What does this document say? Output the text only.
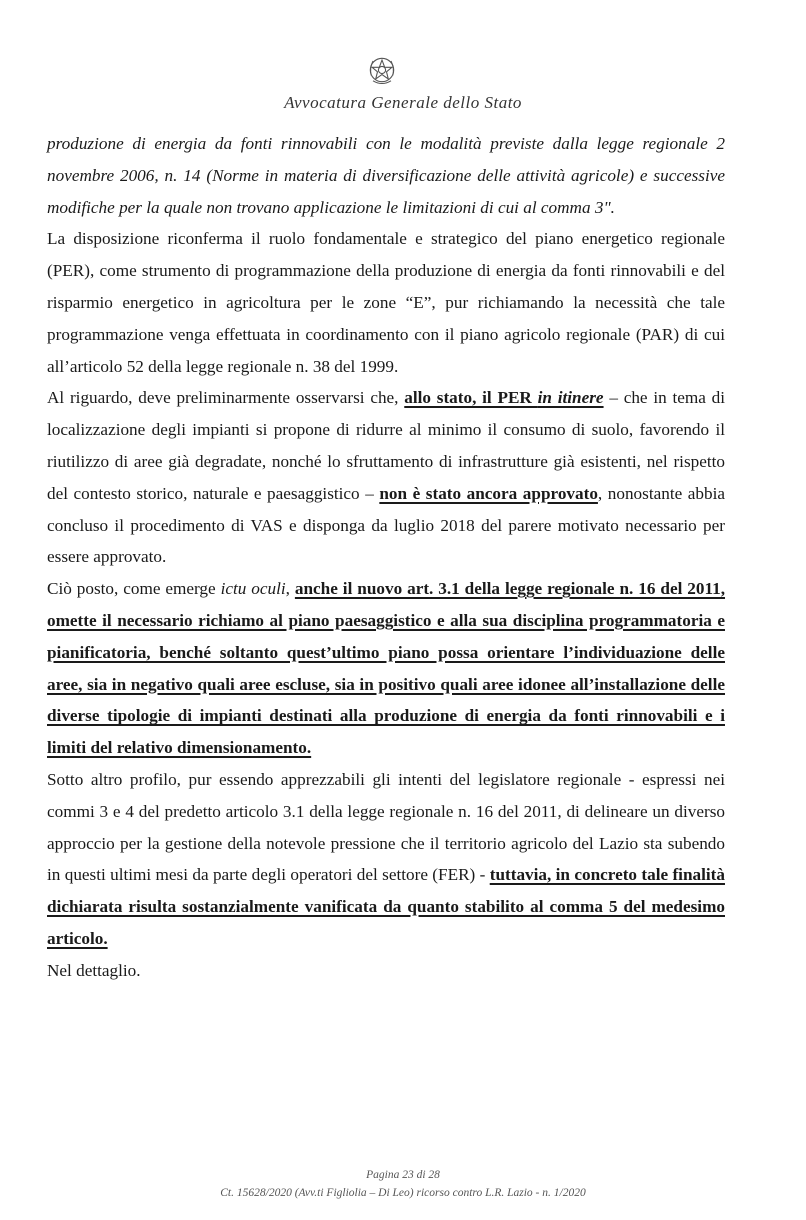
Avvocatura Generale dello Stato

produzione di energia da fonti rinnovabili con le modalità previste dalla legge regionale 2 novembre 2006, n. 14 (Norme in materia di diversificazione delle attività agricole) e successive modifiche per la quale non trovano applicazione le limitazioni di cui al comma 3".

La disposizione riconferma il ruolo fondamentale e strategico del piano energetico regionale (PER), come strumento di programmazione della produzione di energia da fonti rinnovabili e del risparmio energetico in agricoltura per le zone “E”, pur richiamando la necessità che tale programmazione venga effettuata in coordinamento con il piano agricolo regionale (PAR) di cui all’articolo 52 della legge regionale n. 38 del 1999.

Al riguardo, deve preliminarmente osservarsi che, allo stato, il PER in itinere – che in tema di localizzazione degli impianti si propone di ridurre al minimo il consumo di suolo, favorendo il riutilizzo di aree già degradate, nonché lo sfruttamento di infrastrutture già esistenti, nel rispetto del contesto storico, naturale e paesaggistico – non è stato ancora approvato, nonostante abbia concluso il procedimento di VAS e disponga da luglio 2018 del parere motivato necessario per essere approvato.

Ciò posto, come emerge ictu oculi, anche il nuovo art. 3.1 della legge regionale n. 16 del 2011, omette il necessario richiamo al piano paesaggistico e alla sua disciplina programmatoria e pianificatoria, benché soltanto quest’ultimo piano possa orientare l’individuazione delle aree, sia in negativo quali aree escluse, sia in positivo quali aree idonee all’installazione delle diverse tipologie di impianti destinati alla produzione di energia da fonti rinnovabili e i limiti del relativo dimensionamento.

Sotto altro profilo, pur essendo apprezzabili gli intenti del legislatore regionale - espressi nei commi 3 e 4 del predetto articolo 3.1 della legge regionale n. 16 del 2011, di delineare un diverso approccio per la gestione della notevole pressione che il territorio agricolo del Lazio sta subendo in questi ultimi mesi da parte degli operatori del settore (FER) - tuttavia, in concreto tale finalità dichiarata risulta sostanzialmente vanificata da quanto stabilito al comma 5 del medesimo articolo.

Nel dettaglio.

Pagina 23 di 28
Ct. 15628/2020 (Avv.ti Figliolia – Di Leo) ricorso contro L.R. Lazio - n. 1/2020
